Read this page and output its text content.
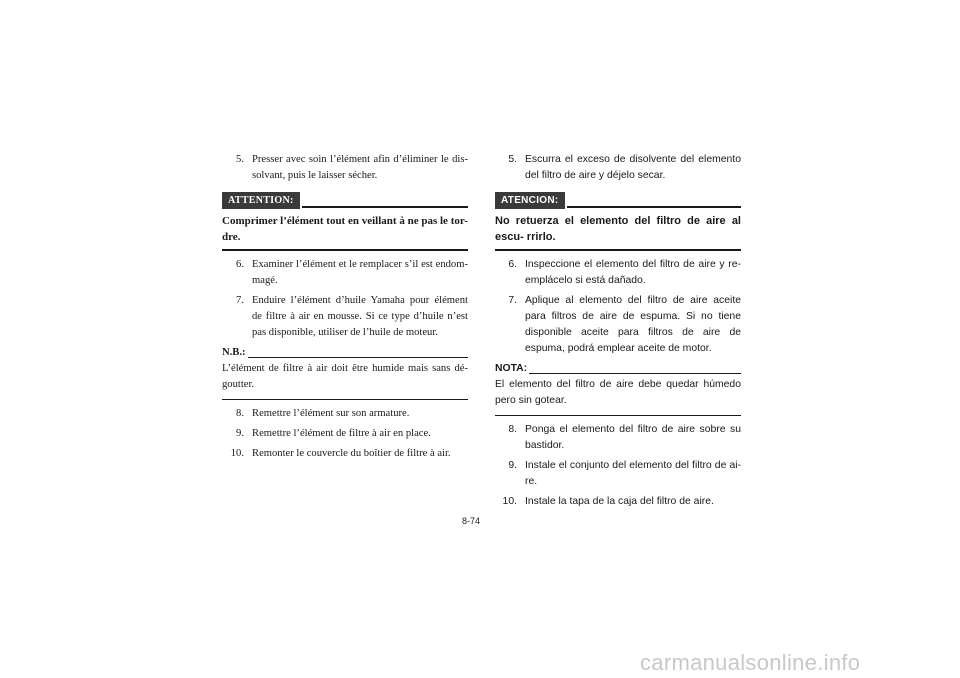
5. Presser avec soin l’élément afin d’éliminer le dis- solvant, puis le laisser sécher.
ATTENTION:
Comprimer l’élément tout en veillant à ne pas le tor- dre.
6. Examiner l’élément et le remplacer s’il est endom- magé.
7. Enduire l’élément d’huile Yamaha pour élément de filtre à air en mousse. Si ce type d’huile n’est pas disponible, utiliser de l’huile de moteur.
N.B.:
L’élément de filtre à air doit être humide mais sans dé- goutter.
8. Remettre l’élément sur son armature.
9. Remettre l’élément de filtre à air en place.
10. Remonter le couvercle du boîtier de filtre à air.
5. Escurra el exceso de disolvente del elemento del filtro de aire y déjelo secar.
ATENCION:
No retuerza el elemento del filtro de aire al escu- rrirlo.
6. Inspeccione el elemento del filtro de aire y re- emplácelo si está dañado.
7. Aplique al elemento del filtro de aire aceite para filtros de aire de espuma. Si no tiene disponible aceite para filtros de aire de espuma, podrá emplear aceite de motor.
NOTA:
El elemento del filtro de aire debe quedar húmedo pero sin gotear.
8. Ponga el elemento del filtro de aire sobre su bastidor.
9. Instale el conjunto del elemento del filtro de ai- re.
10. Instale la tapa de la caja del filtro de aire.
8-74
carmanualsonline.info
